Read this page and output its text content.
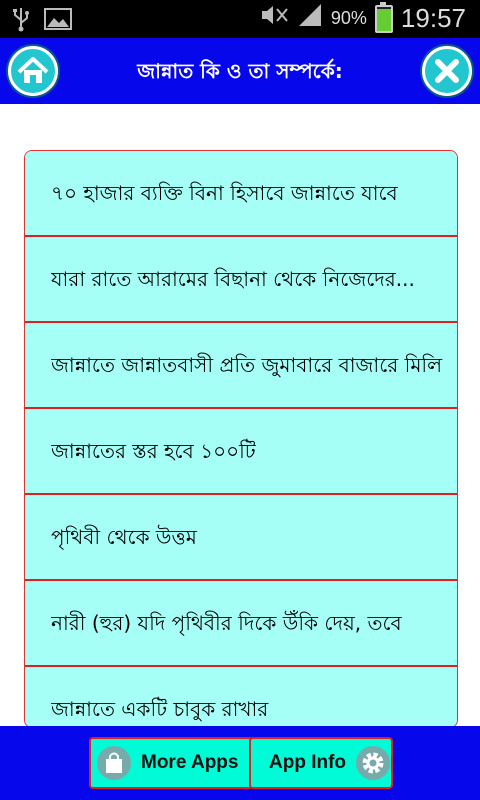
90% 19:57
জান্নাত কি ও তা সম্পর্কে:
৭০ হাজার ব্যক্তি বিনা হিসাবে জান্নাতে যাবে
যারা রাতে আরামের বিছানা থেকে নিজেদের...
জান্নাতে জান্নাতবাসী প্রতি জুমাবারে বাজারে মিলি
জান্নাতের স্তর হবে ১০০টি
পৃথিবী থেকে উত্তম
নারী (হুর) যদি পৃথিবীর দিকে উঁকি দেয়, তবে
জান্নাতে একটি চাবুক রাখার
More Apps App Info
